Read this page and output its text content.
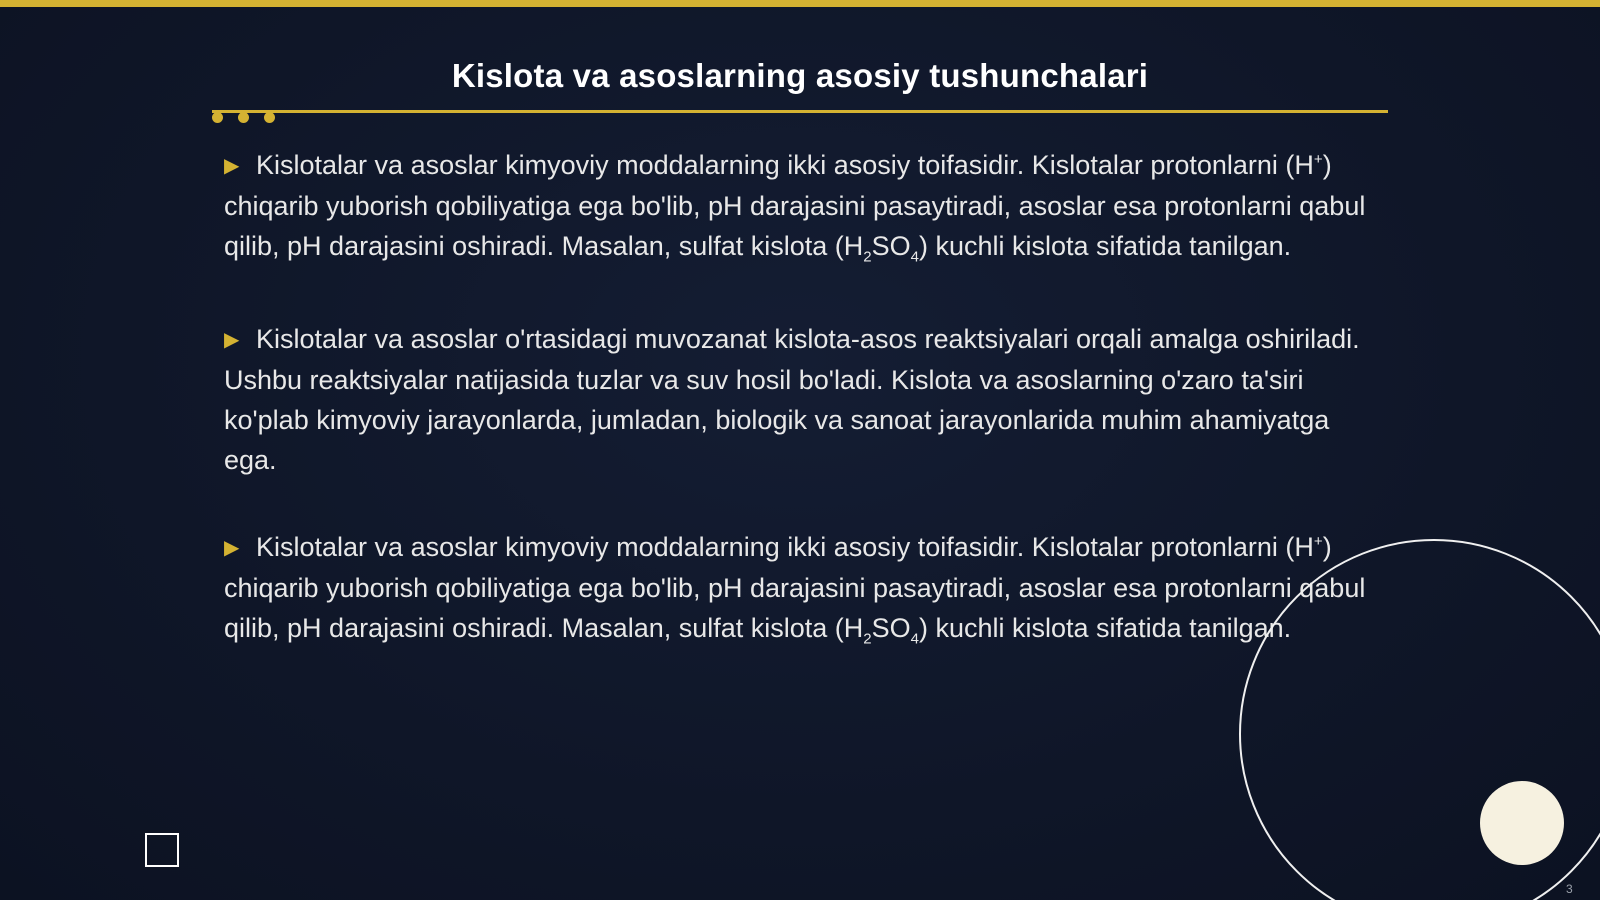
Kislota va asoslarning asosiy tushunchalari

▶ Kislotalar va asoslar kimyoviy moddalarning ikki asosiy toifasidir. Kislotalar protonlarni (H+) chiqarib yuborish qobiliyatiga ega bo'lib, pH darajasini pasaytiradi, asoslar esa protonlarni qabul qilib, pH darajasini oshiradi. Masalan, sulfat kislota $(H_2SO_4)$ kuchli kislota sifatida tanilgan.

▶ Kislotalar va asoslar o'rtasidagi muvozanat kislota-asos reaktsiyalari orqali amalga oshiriladi. Ushbu reaktsiyalar natijasida tuzlar va suv hosil bo'ladi. Kislota va asoslarning o'zaro ta'siri ko'plab kimyoviy jarayonlarda, jumladan, biologik va sanoat jarayonlarida muhim ahamiyatga ega.

▶ Kislotalar va asoslar kimyoviy moddalarning ikki asosiy toifasidir. Kislotalar protonlarni (H+) chiqarib yuborish qobiliyatiga ega bo'lib, pH darajasini pasaytiradi, asoslar esa protonlarni qabul qilib, pH darajasini oshiradi. Masalan, sulfat kislota $(H_2SO_4)$ kuchli kislota sifatida tanilgan.

3
